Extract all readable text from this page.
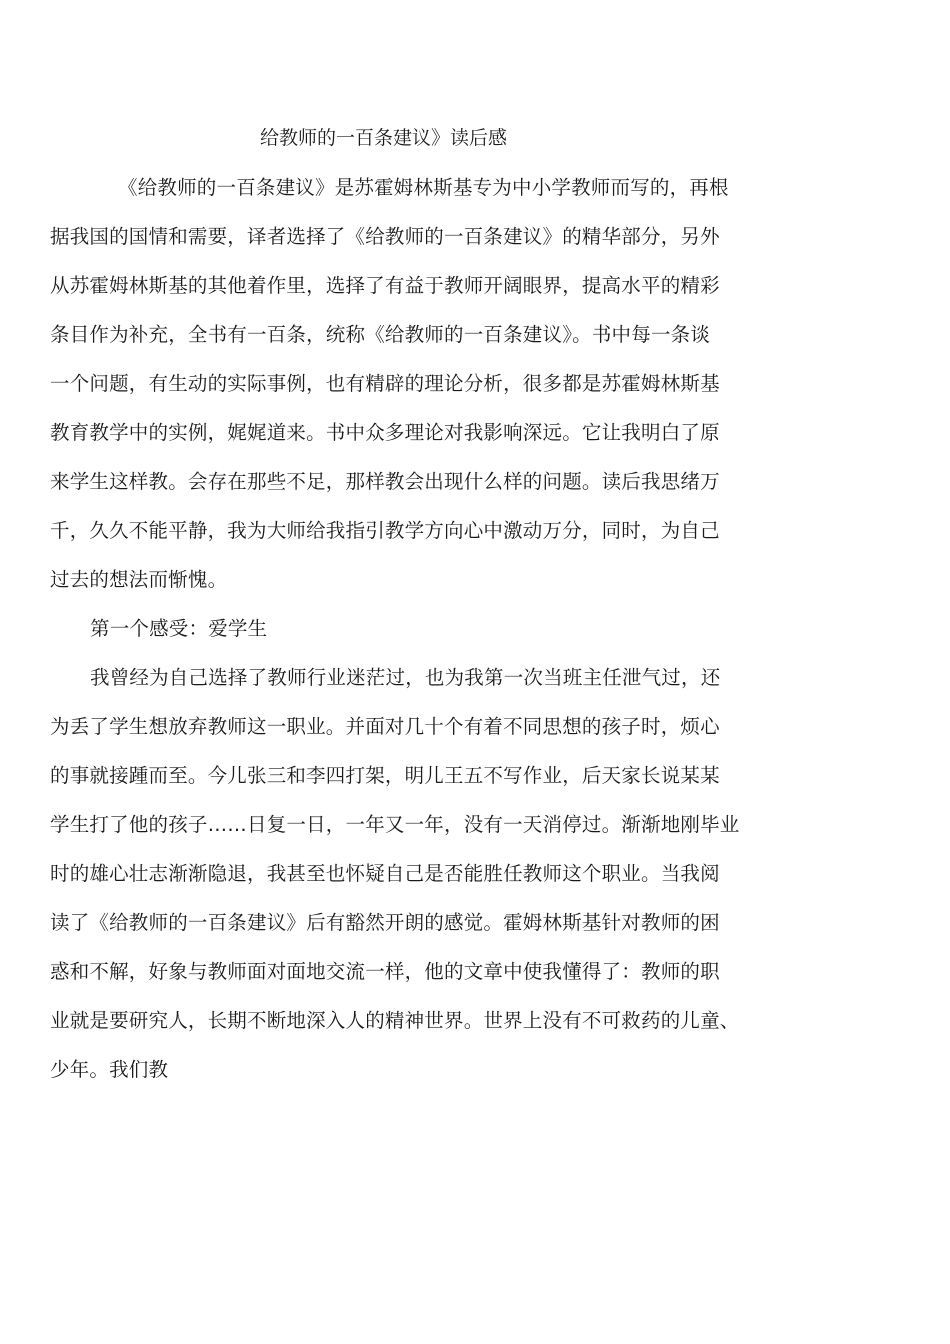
给教师的一百条建议》读后感
《给教师的一百条建议》是苏霍姆林斯基专为中小学教师而写的，再根
据我国的国情和需要，译者选择了《给教师的一百条建议》的精华部分，另外
从苏霍姆林斯基的其他着作里，选择了有益于教师开阔眼界，提高水平的精彩
条目作为补充，全书有一百条，统称《给教师的一百条建议》。书中每一条谈
一个问题，有生动的实际事例，也有精辟的理论分析，很多都是苏霍姆林斯基
教育教学中的实例，娓娓道来。书中众多理论对我影响深远。它让我明白了原
来学生这样教。会存在那些不足，那样教会出现什么样的问题。读后我思绪万
千，久久不能平静，我为大师给我指引教学方向心中激动万分，同时，为自己
过去的想法而惭愧。
第一个感受：爱学生
我曾经为自己选择了教师行业迷茫过，也为我第一次当班主任泄气过，还
为丢了学生想放弃教师这一职业。并面对几十个有着不同思想的孩子时，烦心
的事就接踵而至。今儿张三和李四打架，明儿王五不写作业，后天家长说某某
学生打了他的孩子……日复一日，一年又一年，没有一天消停过。渐渐地刚毕业
时的雄心壮志渐渐隐退，我甚至也怀疑自己是否能胜任教师这个职业。当我阅
读了《给教师的一百条建议》后有豁然开朗的感觉。霍姆林斯基针对教师的困
惑和不解，好象与教师面对面地交流一样，他的文章中使我懂得了：教师的职
业就是要研究人，长期不断地深入人的精神世界。世界上没有不可救药的儿童、
少年。我们教
